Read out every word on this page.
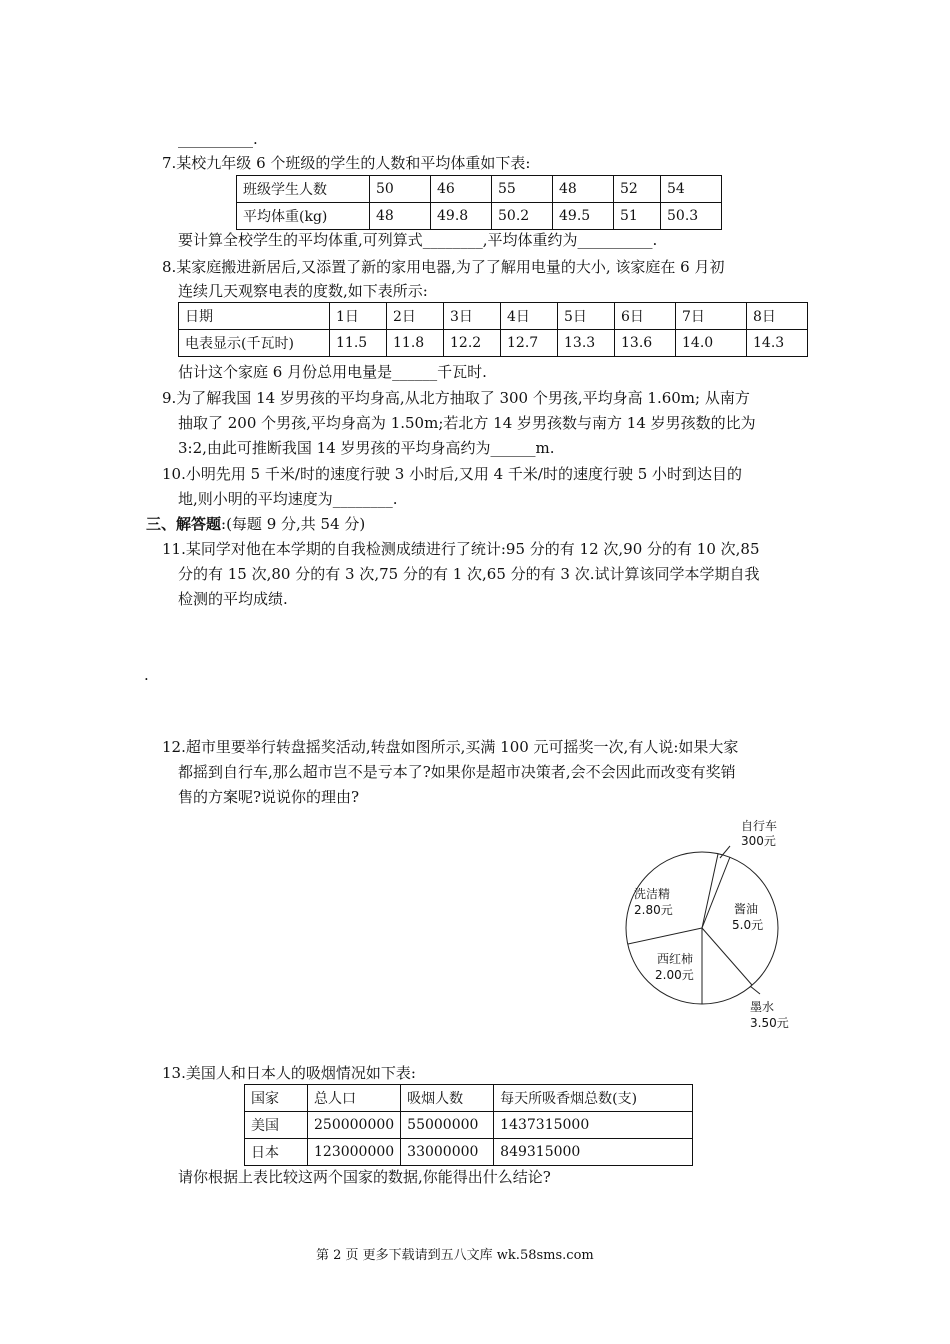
__________.
7.某校九年级 6 个班级的学生的人数和平均体重如下表:
班级学生人数	50	46	55	48	52	54
平均体重(kg)	48	49.8	50.2	49.5	51	50.3
要计算全校学生的平均体重,可列算式________,平均体重约为__________.
8.某家庭搬进新居后,又添置了新的家用电器,为了了解用电量的大小, 该家庭在 6 月初
连续几天观察电表的度数,如下表所示:
日期	1日	2日	3日	4日	5日	6日	7日	8日
电表显示(千瓦时)	11.5	11.8	12.2	12.7	13.3	13.6	14.0	14.3
估计这个家庭 6 月份总用电量是______千瓦时.
9.为了解我国 14 岁男孩的平均身高,从北方抽取了 300 个男孩,平均身高 1.60m; 从南方
抽取了 200 个男孩,平均身高为 1.50m;若北方 14 岁男孩数与南方 14 岁男孩数的比为
3:2,由此可推断我国 14 岁男孩的平均身高约为______m.
10.小明先用 5 千米/时的速度行驶 3 小时后,又用 4 千米/时的速度行驶 5 小时到达目的
地,则小明的平均速度为________.
三、解答题:(每题 9 分,共 54 分)
11.某同学对他在本学期的自我检测成绩进行了统计:95 分的有 12 次,90 分的有 10 次,85
分的有 15 次,80 分的有 3 次,75 分的有 1 次,65 分的有 3 次.试计算该同学本学期自我
检测的平均成绩.
.
12.超市里要举行转盘摇奖活动,转盘如图所示,买满 100 元可摇奖一次,有人说:如果大家
都摇到自行车,那么超市岂不是亏本了?如果你是超市决策者,会不会因此而改变有奖销
售的方案呢?说说你的理由?
自行车
300元
洗洁精
2.80元	酱油
5.0元
西红柿
2.00元
墨水
3.50元
13.美国人和日本人的吸烟情况如下表:
国家	总人口	吸烟人数	每天所吸香烟总数(支)
美国	250000000	55000000	1437315000
日本	123000000	33000000	849315000
请你根据上表比较这两个国家的数据,你能得出什么结论?
第 2 页 更多下载请到五八文库 wk.58sms.com
